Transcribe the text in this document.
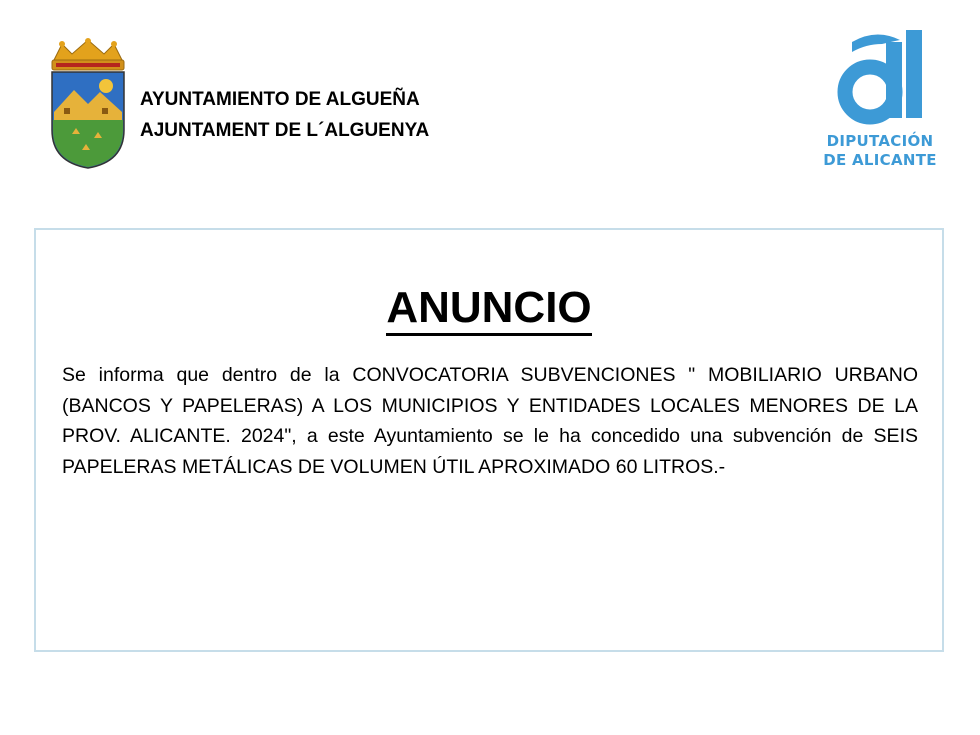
AYUNTAMIENTO DE ALGUEÑA
AJUNTAMENT DE L´ALGUENYA	DIPUTACIÓN
DE ALICANTE
ANUNCIO
Se informa que dentro de la CONVOCATORIA SUBVENCIONES " MOBILIARIO URBANO (BANCOS Y PAPELERAS) A LOS MUNICIPIOS Y ENTIDADES LOCALES MENORES DE LA PROV. ALICANTE. 2024", a este Ayuntamiento se le ha concedido una subvención de SEIS PAPELERAS METÁLICAS DE VOLUMEN ÚTIL APROXIMADO 60 LITROS.-
